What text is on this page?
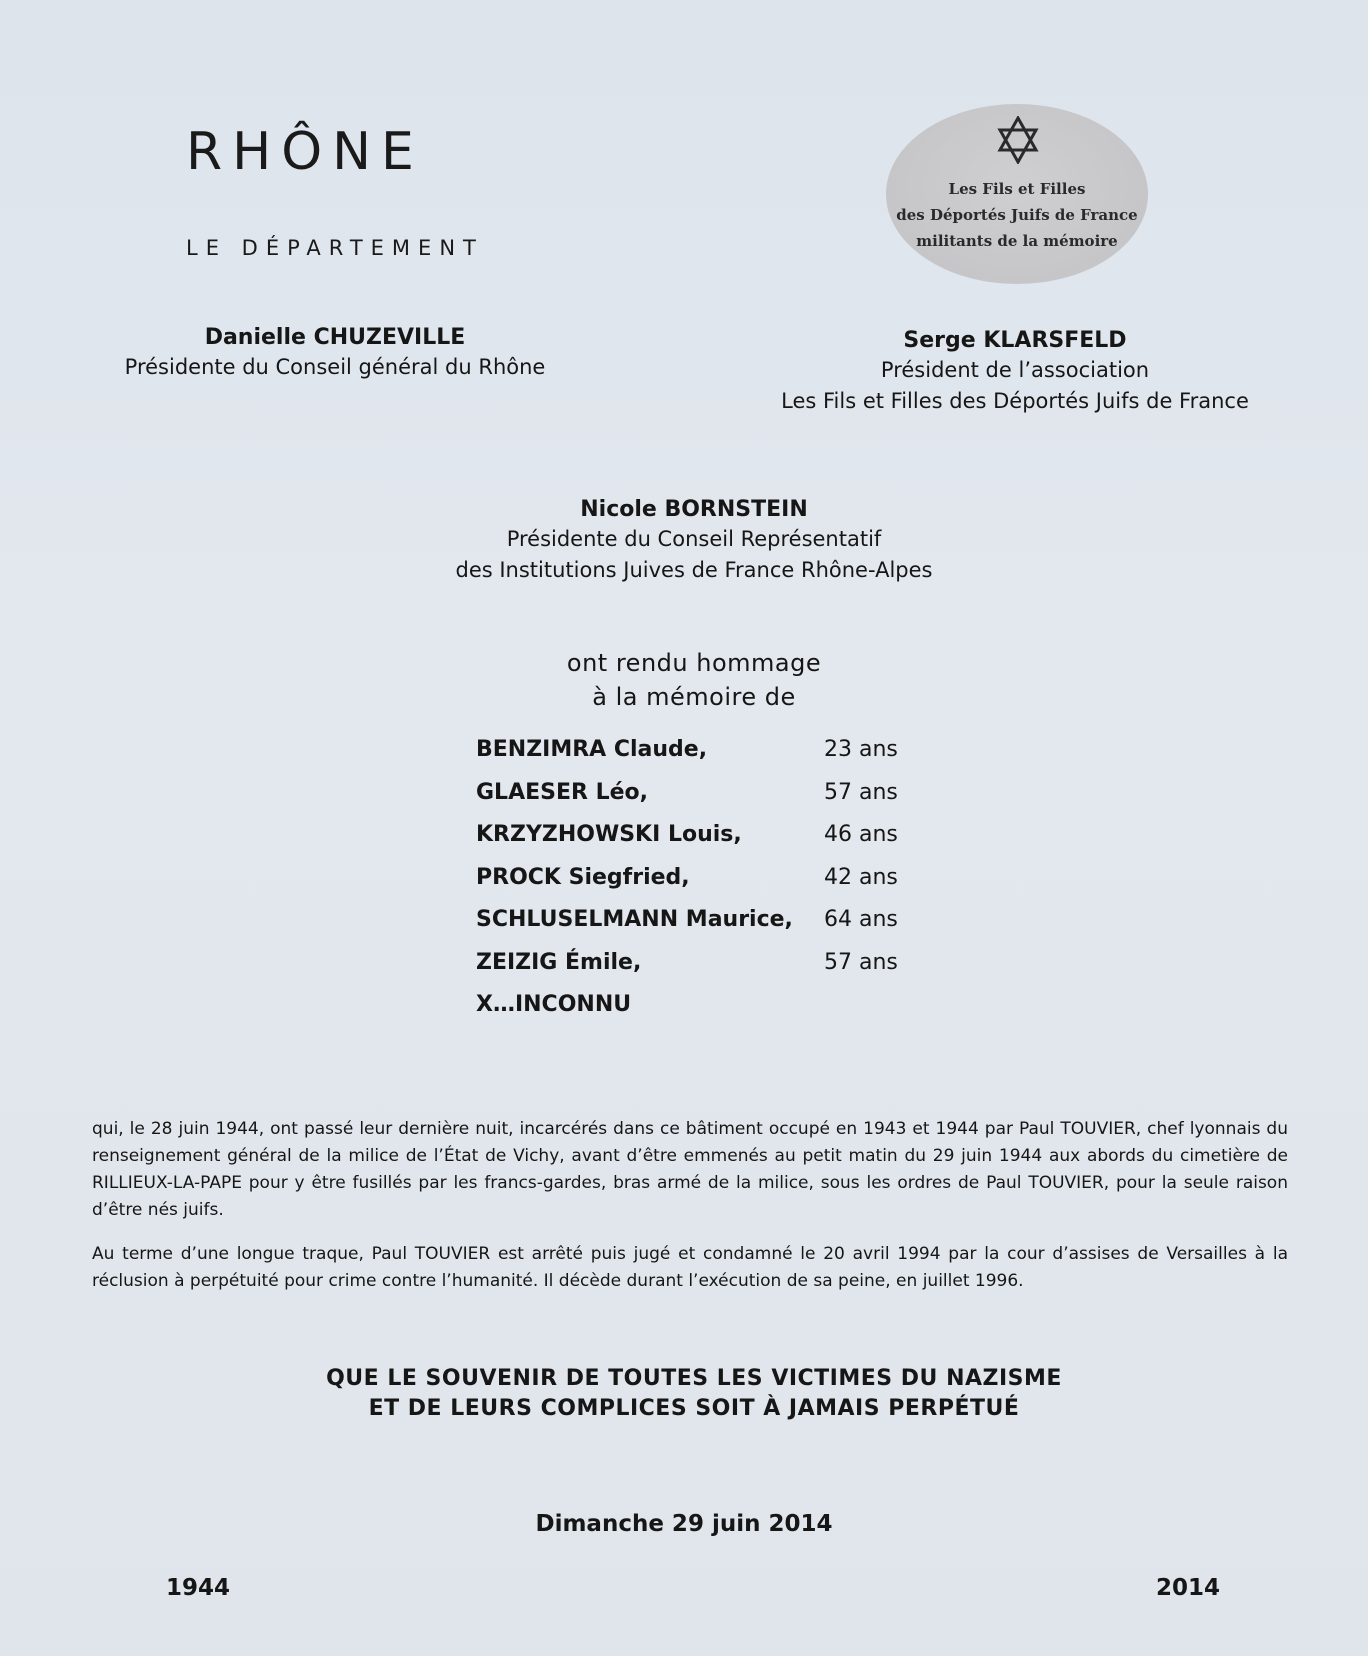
RHÔNE
LE DÉPARTEMENT
Les Fils et Filles
des Déportés Juifs de France
militants de la mémoire
Danielle CHUZEVILLE
Présidente du Conseil général du Rhône
Serge KLARSFELD
Président de l’association
Les Fils et Filles des Déportés Juifs de France
Nicole BORNSTEIN
Présidente du Conseil Représentatif
des Institutions Juives de France Rhône-Alpes
ont rendu hommage
à la mémoire de
BENZIMRA Claude,	23 ans
GLAESER Léo,	57 ans
KRZYZHOWSKI Louis,	46 ans
PROCK Siegfried,	42 ans
SCHLUSELMANN Maurice, 64 ans
ZEIZIG Émile,	57 ans
X…INCONNU
qui, le 28 juin 1944, ont passé leur dernière nuit, incarcérés dans ce bâtiment occupé en 1943 et 1944 par Paul TOUVIER, chef lyonnais du renseignement général de la milice de l’État de Vichy, avant d’être emmenés au petit matin du 29 juin 1944 aux abords du cimetière de RILLIEUX-LA-PAPE pour y être fusillés par les francs-gardes, bras armé de la milice, sous les ordres de Paul TOUVIER, pour la seule raison d’être nés juifs.
Au terme d’une longue traque, Paul TOUVIER est arrêté puis jugé et condamné le 20 avril 1994 par la cour d’assises de Versailles à la réclusion à perpétuité pour crime contre l’humanité. Il décède durant l’exécution de sa peine, en juillet 1996.
QUE LE SOUVENIR DE TOUTES LES VICTIMES DU NAZISME
ET DE LEURS COMPLICES SOIT À JAMAIS PERPÉTUÉ
Dimanche 29 juin 2014
1944	2014
